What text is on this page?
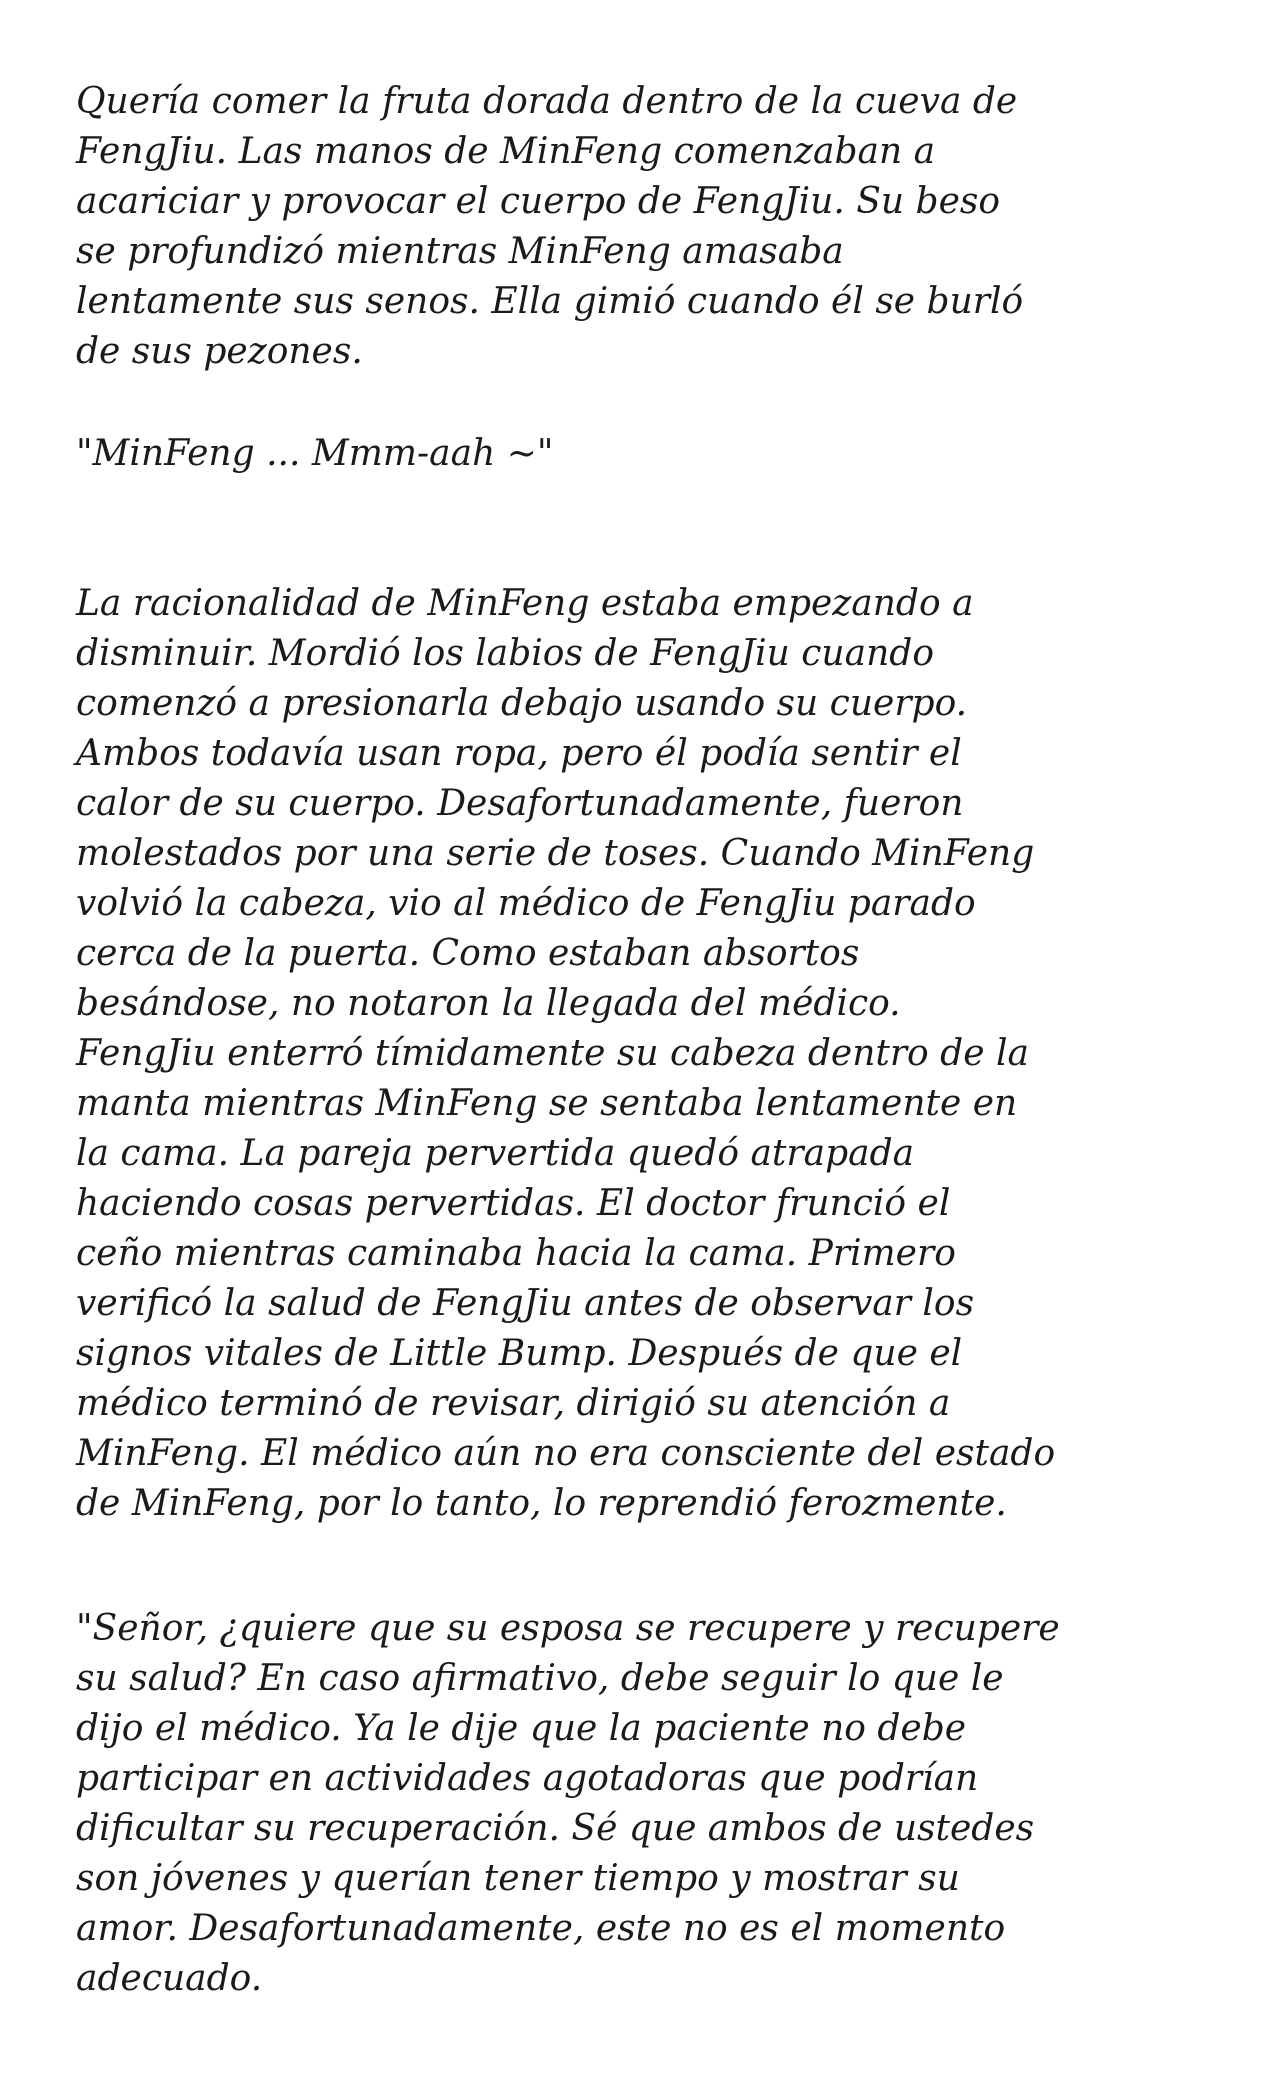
Quería comer la fruta dorada dentro de la cueva de
FengJiu. Las manos de MinFeng comenzaban a
acariciar y provocar el cuerpo de FengJiu. Su beso
se profundizó mientras MinFeng amasaba
lentamente sus senos. Ella gimió cuando él se burló
de sus pezones.

"MinFeng ... Mmm-aah ~"

La racionalidad de MinFeng estaba empezando a
disminuir. Mordió los labios de FengJiu cuando
comenzó a presionarla debajo usando su cuerpo.
Ambos todavía usan ropa, pero él podía sentir el
calor de su cuerpo. Desafortunadamente, fueron
molestados por una serie de toses. Cuando MinFeng
volvió la cabeza, vio al médico de FengJiu parado
cerca de la puerta. Como estaban absortos
besándose, no notaron la llegada del médico.
FengJiu enterró tímidamente su cabeza dentro de la
manta mientras MinFeng se sentaba lentamente en
la cama. La pareja pervertida quedó atrapada
haciendo cosas pervertidas. El doctor frunció el
ceño mientras caminaba hacia la cama. Primero
verificó la salud de FengJiu antes de observar los
signos vitales de Little Bump. Después de que el
médico terminó de revisar, dirigió su atención a
MinFeng. El médico aún no era consciente del estado
de MinFeng, por lo tanto, lo reprendió ferozmente.

"Señor, ¿quiere que su esposa se recupere y recupere
su salud? En caso afirmativo, debe seguir lo que le
dijo el médico. Ya le dije que la paciente no debe
participar en actividades agotadoras que podrían
dificultar su recuperación. Sé que ambos de ustedes
son jóvenes y querían tener tiempo y mostrar su
amor. Desafortunadamente, este no es el momento
adecuado.
